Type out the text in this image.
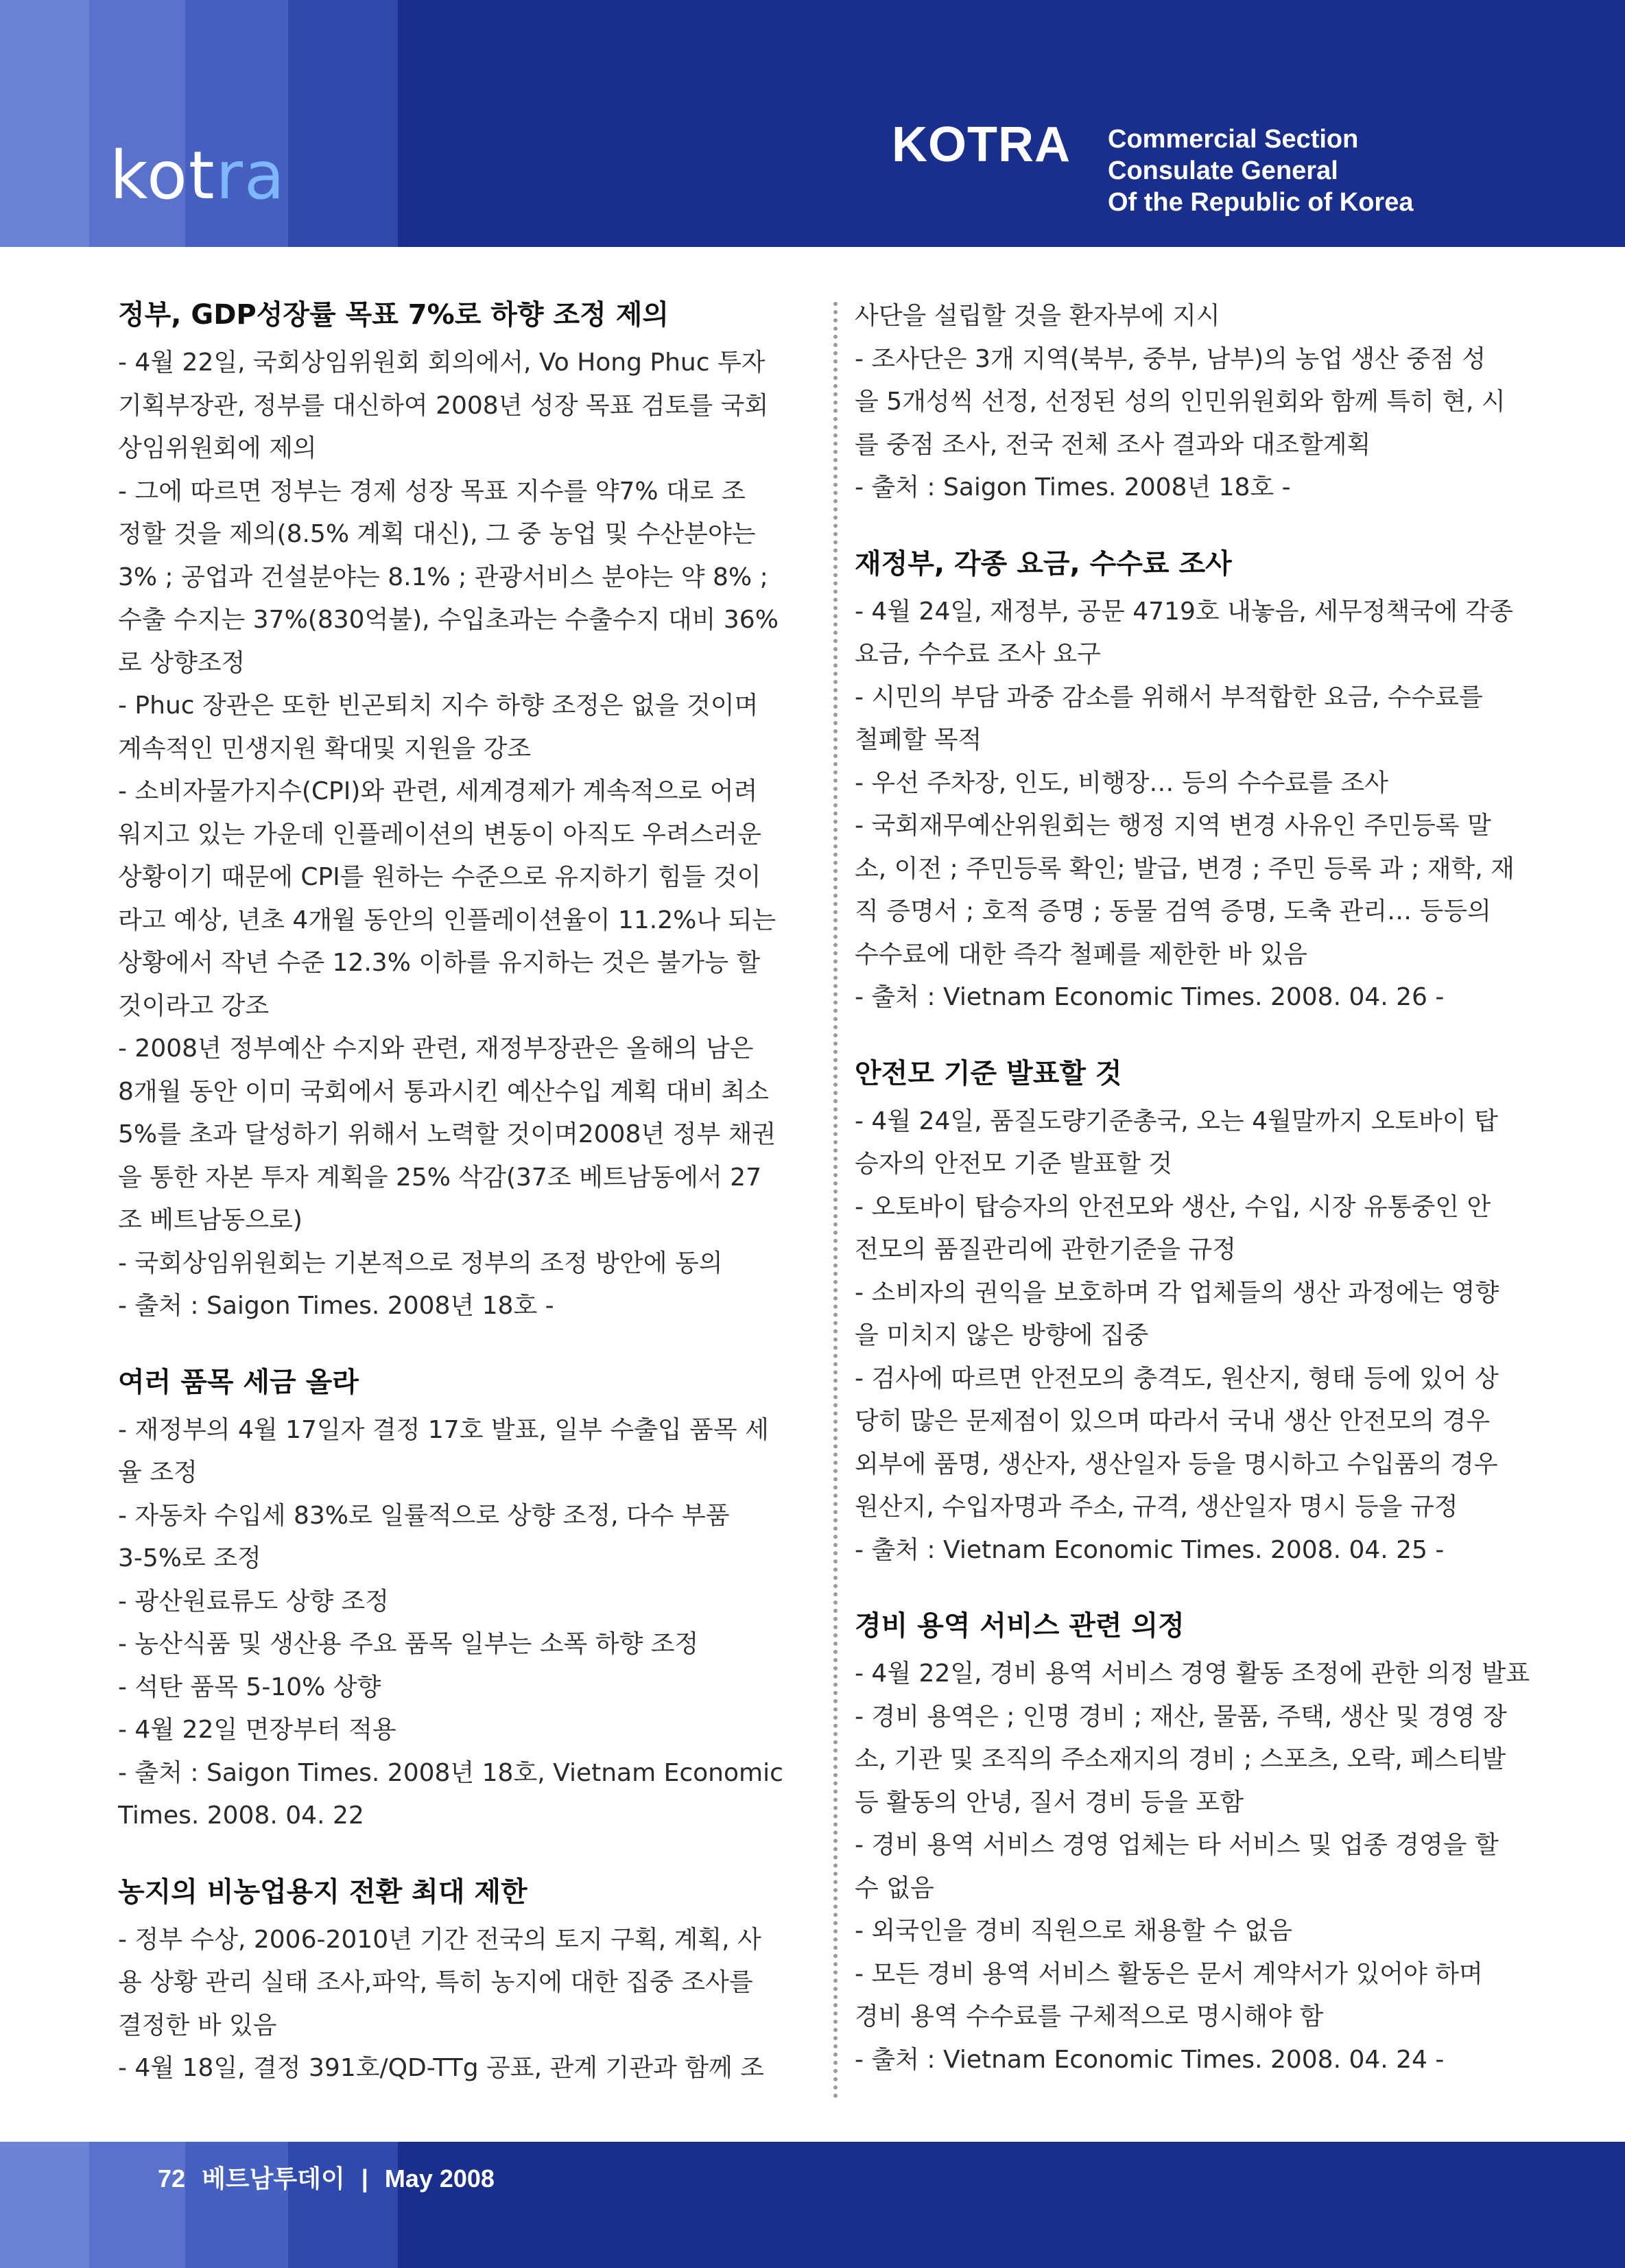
kotra	KOTRA Commercial Section
Consulate General
Of the Republic of Korea
정부, GDP성장률 목표 7%로 하향 조정 제의

- 4월 22일, 국회상임위원회 회의에서, Vo Hong Phuc 투자

기획부장관, 정부를 대신하여 2008년 성장 목표 검토를 국회

상임위원회에 제의

- 그에 따르면 정부는 경제 성장 목표 지수를 약7% 대로 조

정할 것을 제의(8.5% 계획 대신), 그 중 농업 및 수산분야는

3% ; 공업과 건설분야는 8.1% ; 관광서비스 분야는 약 8% ;

수출 수지는 37%(830억불), 수입초과는 수출수지 대비 36%

로 상향조정

- Phuc 장관은 또한 빈곤퇴치 지수 하향 조정은 없을 것이며

계속적인 민생지원 확대및 지원을 강조

- 소비자물가지수(CPI)와 관련, 세계경제가 계속적으로 어려

워지고 있는 가운데 인플레이션의 변동이 아직도 우려스러운

상황이기 때문에 CPI를 원하는 수준으로 유지하기 힘들 것이

라고 예상, 년초 4개월 동안의 인플레이션율이 11.2%나 되는

상황에서 작년 수준 12.3% 이하를 유지하는 것은 불가능 할

것이라고 강조

- 2008년 정부예산 수지와 관련, 재정부장관은 올해의 남은

8개월 동안 이미 국회에서 통과시킨 예산수입 계획 대비 최소

5%를 초과 달성하기 위해서 노력할 것이며2008년 정부 채권

을 통한 자본 투자 계획을 25% 삭감(37조 베트남동에서 27

조 베트남동으로)

- 국회상임위원회는 기본적으로 정부의 조정 방안에 동의

- 출처 : Saigon Times. 2008년 18호 -

여러 품목 세금 올라

- 재정부의 4월 17일자 결정 17호 발표, 일부 수출입 품목 세

율 조정

- 자동차 수입세 83%로 일률적으로 상향 조정, 다수 부품

3-5%로 조정

- 광산원료류도 상향 조정

- 농산식품 및 생산용 주요 품목 일부는 소폭 하향 조정

- 석탄 품목 5-10% 상향

- 4월 22일 면장부터 적용

- 출처 : Saigon Times. 2008년 18호, Vietnam Economic

Times. 2008. 04. 22

농지의 비농업용지 전환 최대 제한

- 정부 수상, 2006-2010년 기간 전국의 토지 구획, 계획, 사

용 상황 관리 실태 조사,파악, 특히 농지에 대한 집중 조사를

결정한 바 있음

- 4월 18일, 결정 391호/QD-TTg 공표, 관계 기관과 함께 조

사단을 설립할 것을 환자부에 지시

- 조사단은 3개 지역(북부, 중부, 남부)의 농업 생산 중점 성

을 5개성씩 선정, 선정된 성의 인민위원회와 함께 특히 현, 시

를 중점 조사, 전국 전체 조사 결과와 대조할계획

- 출처 : Saigon Times. 2008년 18호 -

재정부, 각종 요금, 수수료 조사

- 4월 24일, 재정부, 공문 4719호 내놓음, 세무정책국에 각종

요금, 수수료 조사 요구

- 시민의 부담 과중 감소를 위해서 부적합한 요금, 수수료를

철폐할 목적

- 우선 주차장, 인도, 비행장… 등의 수수료를 조사

- 국회재무예산위원회는 행정 지역 변경 사유인 주민등록 말

소, 이전 ; 주민등록 확인; 발급, 변경 ; 주민 등록 과 ; 재학, 재

직 증명서 ; 호적 증명 ; 동물 검역 증명, 도축 관리… 등등의

수수료에 대한 즉각 철폐를 제한한 바 있음

- 출처 : Vietnam Economic Times. 2008. 04. 26 -

안전모 기준 발표할 것

- 4월 24일, 품질도량기준총국, 오는 4월말까지 오토바이 탑

승자의 안전모 기준 발표할 것

- 오토바이 탑승자의 안전모와 생산, 수입, 시장 유통중인 안

전모의 품질관리에 관한기준을 규정

- 소비자의 권익을 보호하며 각 업체들의 생산 과정에는 영향

을 미치지 않은 방향에 집중

- 검사에 따르면 안전모의 충격도, 원산지, 형태 등에 있어 상

당히 많은 문제점이 있으며 따라서 국내 생산 안전모의 경우

외부에 품명, 생산자, 생산일자 등을 명시하고 수입품의 경우

원산지, 수입자명과 주소, 규격, 생산일자 명시 등을 규정

- 출처 : Vietnam Economic Times. 2008. 04. 25 -

경비 용역 서비스 관련 의정

- 4월 22일, 경비 용역 서비스 경영 활동 조정에 관한 의정 발표

- 경비 용역은 ; 인명 경비 ; 재산, 물품, 주택, 생산 및 경영 장

소, 기관 및 조직의 주소재지의 경비 ; 스포츠, 오락, 페스티발

등 활동의 안녕, 질서 경비 등을 포함

- 경비 용역 서비스 경영 업체는 타 서비스 및 업종 경영을 할

수 없음

- 외국인을 경비 직원으로 채용할 수 없음

- 모든 경비 용역 서비스 활동은 문서 계약서가 있어야 하며

경비 용역 수수료를 구체적으로 명시해야 함

- 출처 : Vietnam Economic Times. 2008. 04. 24 -

72 베트남투데이 | May 2008
